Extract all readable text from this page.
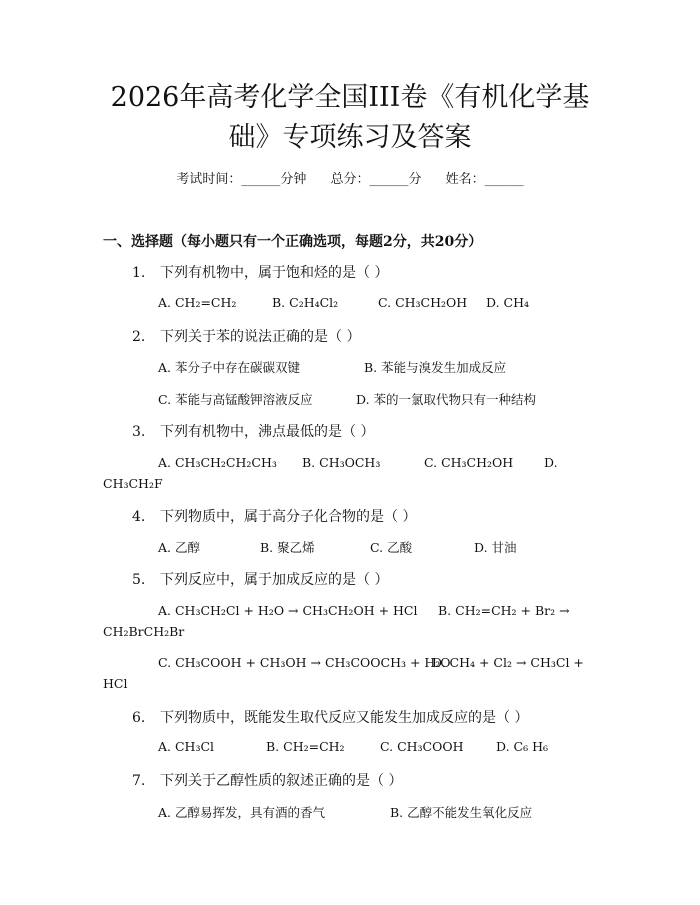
2026年高考化学全国III卷《有机化学基
础》专项练习及答案
考试时间：______分钟 总分：______分 姓名：______
一、选择题（每小题只有一个正确选项，每题2分，共20分）
1. 下列有机物中，属于饱和烃的是（ ）
A. CH₂=CH₂	B. C₂H₄Cl₂	C. CH₃CH₂OH D. CH₄
2. 下列关于苯的说法正确的是（ ）
A. 苯分子中存在碳碳双键	B. 苯能与溴发生加成反应
C. 苯能与高锰酸钾溶液反应	D. 苯的一氯取代物只有一种结构
3. 下列有机物中，沸点最低的是（ ）
A. CH₃CH₂CH₂CH₃ B. CH₃OCH₃	C. CH₃CH₂OH D.
CH₃CH₂F
4. 下列物质中，属于高分子化合物的是（ ）
A. 乙醇	B. 聚乙烯	C. 乙酸	D. 甘油
5. 下列反应中，属于加成反应的是（ ）
A. CH₃CH₂Cl + H₂O → CH₃CH₂OH + HCl B. CH₂=CH₂ + Br₂ →
CH₂BrCH₂Br
C. CH₃COOH + CH₃OH → CH₃COOCH₃ + H₂O
D. CH₄ + Cl₂ → CH₃Cl +
HCl
6. 下列物质中，既能发生取代反应又能发生加成反应的是（ ）
A. CH₃Cl	B. CH₂=CH₂	C. CH₃COOH	D. C₆ H₆
7. 下列关于乙醇性质的叙述正确的是（ ）
A. 乙醇易挥发，具有酒的香气	B. 乙醇不能发生氧化反应
